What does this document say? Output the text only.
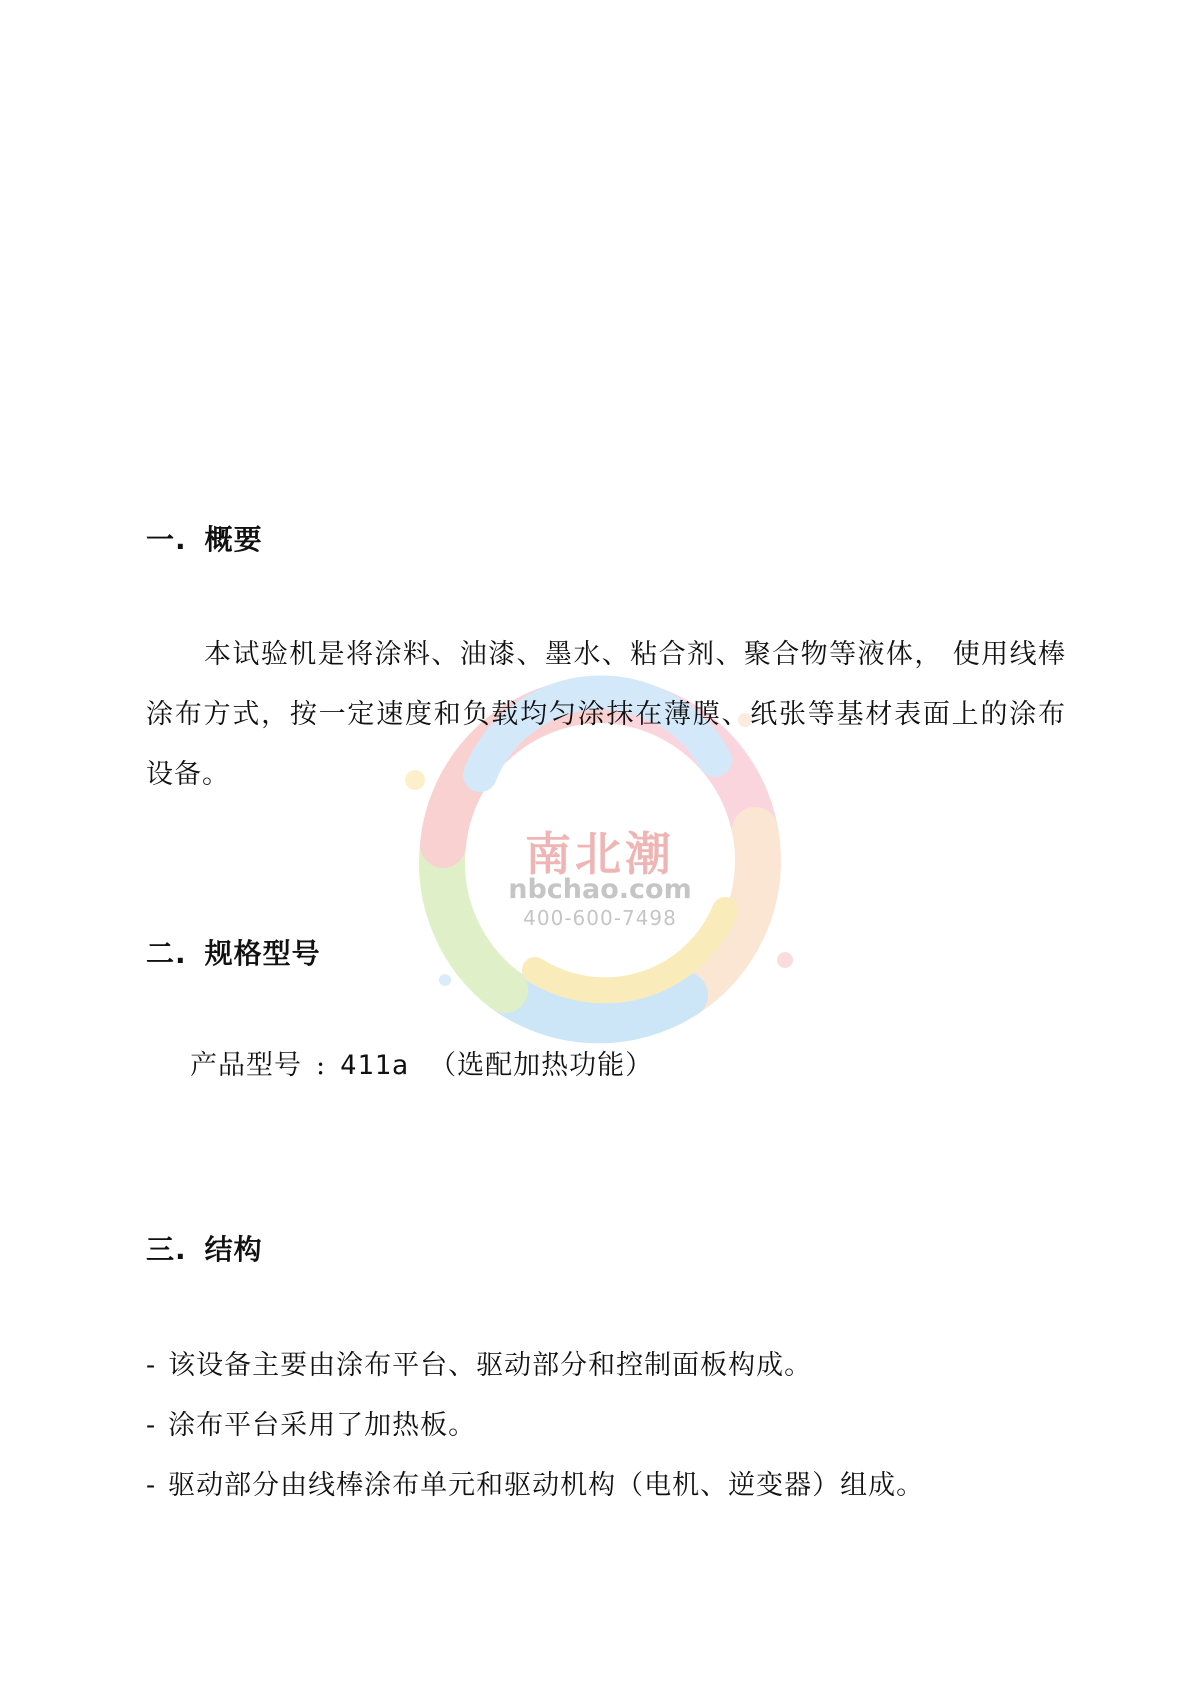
南北潮
nbchao.com
400-600-7498
一. 概要
本试验机是将涂料、油漆、墨水、粘合剂、聚合物等液体， 使用线棒涂布方式，按一定速度和负载均匀涂抹在薄膜、纸张等基材表面上的涂布设备。
二. 规格型号
产品型号 : 411a （选配加热功能）
三. 结构
- 该设备主要由涂布平台、驱动部分和控制面板构成。
- 涂布平台采用了加热板。
- 驱动部分由线棒涂布单元和驱动机构（电机、逆变器）组成。
